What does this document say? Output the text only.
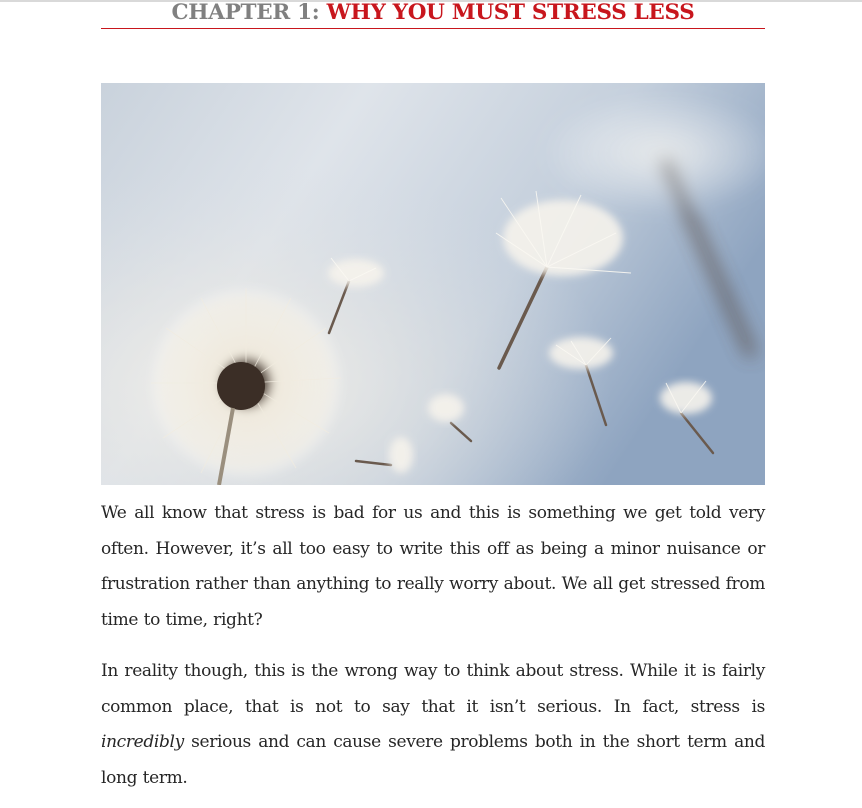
CHAPTER 1: WHY YOU MUST STRESS LESS

We all know that stress is bad for us and this is something we get told very often. However, it’s all too easy to write this off as being a minor nuisance or frustration rather than anything to really worry about. We all get stressed from time to time, right?

In reality though, this is the wrong way to think about stress. While it is fairly common place, that is not to say that it isn’t serious. In fact, stress is incredibly serious and can cause severe problems both in the short term and long term.
